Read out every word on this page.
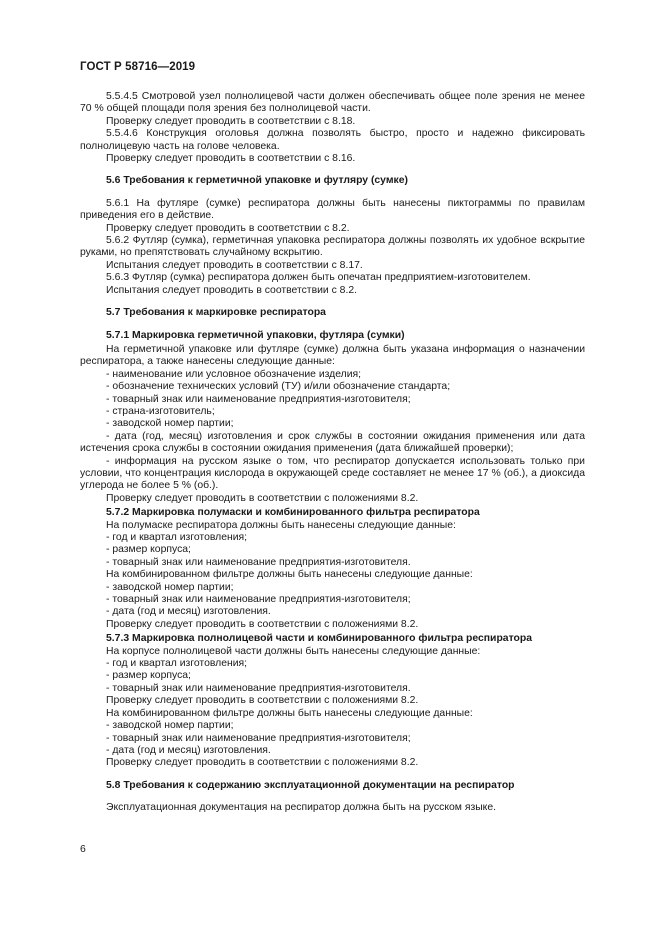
ГОСТ Р 58716—2019

5.5.4.5 Смотровой узел полнолицевой части должен обеспечивать общее поле зрения не менее 70 % общей площади поля зрения без полнолицевой части.

Проверку следует проводить в соответствии с 8.18.

5.5.4.6 Конструкция оголовья должна позволять быстро, просто и надежно фиксировать полнолицевую часть на голове человека.

Проверку следует проводить в соответствии с 8.16.

5.6 Требования к герметичной упаковке и футляру (сумке)

5.6.1 На футляре (сумке) респиратора должны быть нанесены пиктограммы по правилам приведения его в действие.

Проверку следует проводить в соответствии с 8.2.

5.6.2 Футляр (сумка), герметичная упаковка респиратора должны позволять их удобное вскрытие руками, но препятствовать случайному вскрытию.

Испытания следует проводить в соответствии с 8.17.

5.6.3 Футляр (сумка) респиратора должен быть опечатан предприятием-изготовителем.

Испытания следует проводить в соответствии с 8.2.

5.7 Требования к маркировке респиратора

5.7.1 Маркировка герметичной упаковки, футляра (сумки)

На герметичной упаковке или футляре (сумке) должна быть указана информация о назначении респиратора, а также нанесены следующие данные:

- наименование или условное обозначение изделия;

- обозначение технических условий (ТУ) и/или обозначение стандарта;

- товарный знак или наименование предприятия-изготовителя;

- страна-изготовитель;

- заводской номер партии;

- дата (год, месяц) изготовления и срок службы в состоянии ожидания применения или дата истечения срока службы в состоянии ожидания применения (дата ближайшей проверки);

- информация на русском языке о том, что респиратор допускается использовать только при условии, что концентрация кислорода в окружающей среде составляет не менее 17 % (об.), а диоксида углерода не более 5 % (об.).

Проверку следует проводить в соответствии с положениями 8.2.

5.7.2 Маркировка полумаски и комбинированного фильтра респиратора

На полумаске респиратора должны быть нанесены следующие данные:

- год и квартал изготовления;

- размер корпуса;

- товарный знак или наименование предприятия-изготовителя.

На комбинированном фильтре должны быть нанесены следующие данные:

- заводской номер партии;

- товарный знак или наименование предприятия-изготовителя;

- дата (год и месяц) изготовления.

Проверку следует проводить в соответствии с положениями 8.2.

5.7.3 Маркировка полнолицевой части и комбинированного фильтра респиратора

На корпусе полнолицевой части должны быть нанесены следующие данные:

- год и квартал изготовления;

- размер корпуса;

- товарный знак или наименование предприятия-изготовителя.

Проверку следует проводить в соответствии с положениями 8.2.

На комбинированном фильтре должны быть нанесены следующие данные:

- заводской номер партии;

- товарный знак или наименование предприятия-изготовителя;

- дата (год и месяц) изготовления.

Проверку следует проводить в соответствии с положениями 8.2.

5.8 Требования к содержанию эксплуатационной документации на респиратор

Эксплуатационная документация на респиратор должна быть на русском языке.

6
